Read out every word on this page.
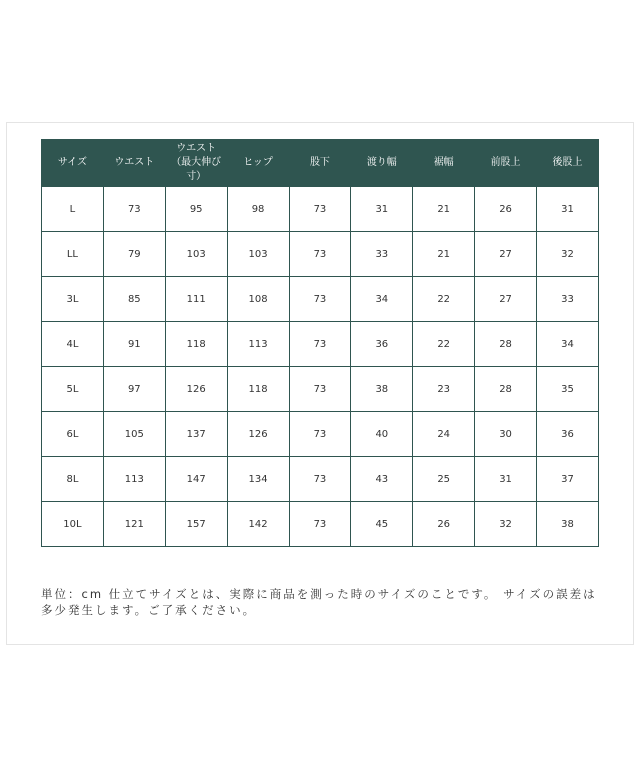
サイズ	ウエスト	ウエスト（最大伸び寸）	ヒップ	股下	渡り幅	裾幅	前股上	後股上
L	73	95	98	73	31	21	26	31
LL	79	103	103	73	33	21	27	32
3L	85	111	108	73	34	22	27	33
4L	91	118	113	73	36	22	28	34
5L	97	126	118	73	38	23	28	35
6L	105	137	126	73	40	24	30	36
8L	113	147	134	73	43	25	31	37
10L	121	157	142	73	45	26	32	38
単位：cm 仕立てサイズとは、実際に商品を測った時のサイズのことです。 サイズの誤差は多少発生します。ご了承ください。
